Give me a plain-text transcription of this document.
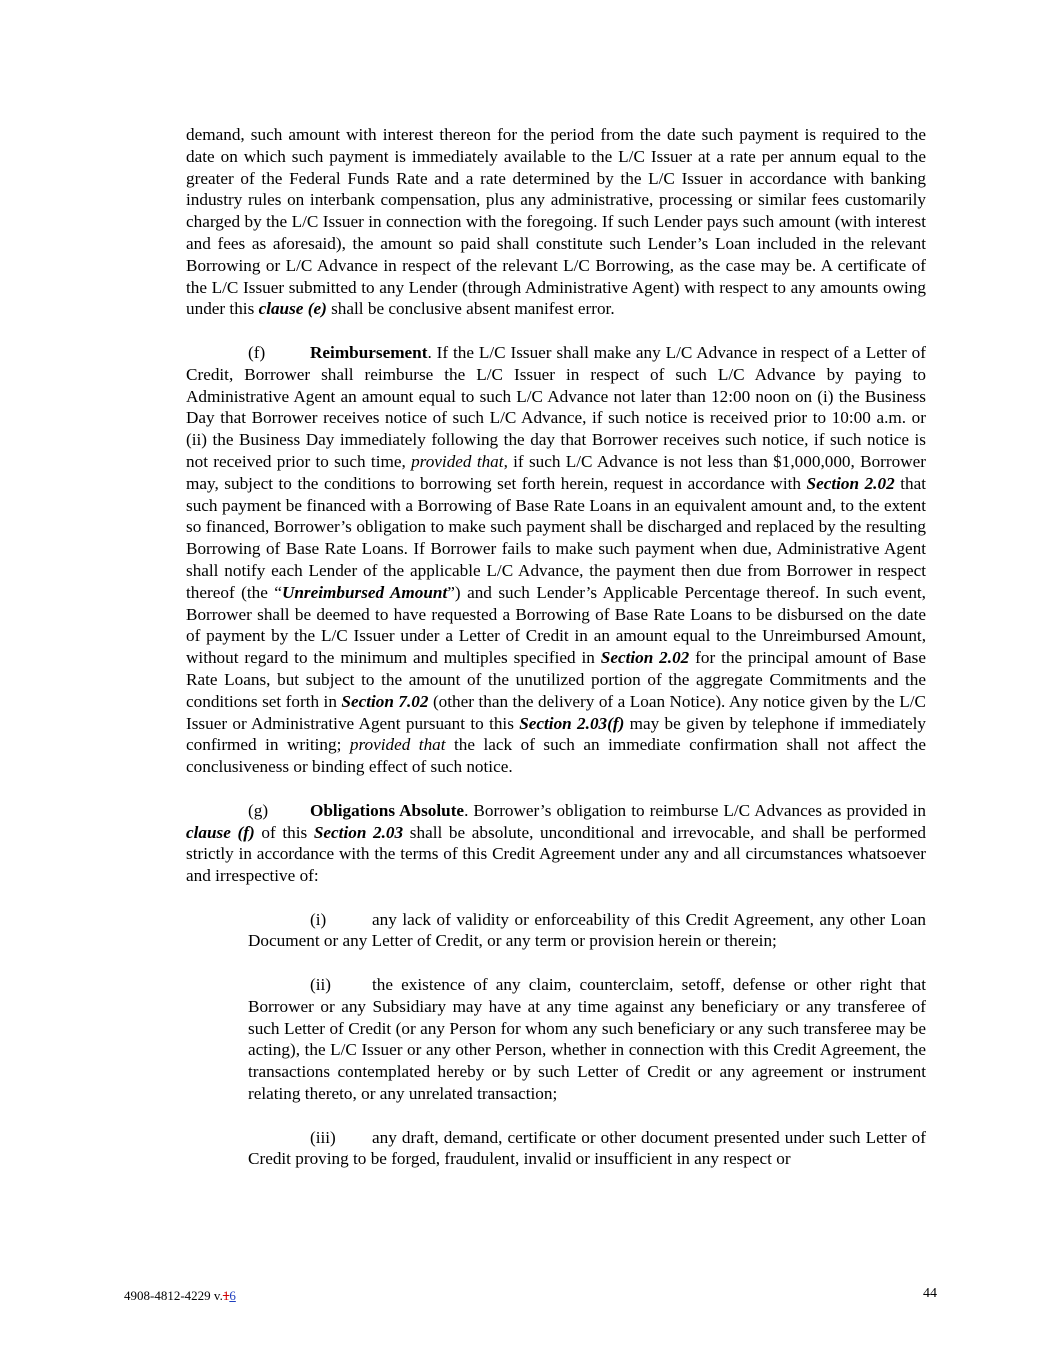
demand, such amount with interest thereon for the period from the date such payment is required to the date on which such payment is immediately available to the L/C Issuer at a rate per annum equal to the greater of the Federal Funds Rate and a rate determined by the L/C Issuer in accordance with banking industry rules on interbank compensation, plus any administrative, processing or similar fees customarily charged by the L/C Issuer in connection with the foregoing. If such Lender pays such amount (with interest and fees as aforesaid), the amount so paid shall constitute such Lender’s Loan included in the relevant Borrowing or L/C Advance in respect of the relevant L/C Borrowing, as the case may be. A certificate of the L/C Issuer submitted to any Lender (through Administrative Agent) with respect to any amounts owing under this clause (e) shall be conclusive absent manifest error.

(f)	Reimbursement. If the L/C Issuer shall make any L/C Advance in respect of a Letter of Credit, Borrower shall reimburse the L/C Issuer in respect of such L/C Advance by paying to Administrative Agent an amount equal to such L/C Advance not later than 12:00 noon on (i) the Business Day that Borrower receives notice of such L/C Advance, if such notice is received prior to 10:00 a.m. or (ii) the Business Day immediately following the day that Borrower receives such notice, if such notice is not received prior to such time, provided that, if such L/C Advance is not less than $1,000,000, Borrower may, subject to the conditions to borrowing set forth herein, request in accordance with Section 2.02 that such payment be financed with a Borrowing of Base Rate Loans in an equivalent amount and, to the extent so financed, Borrower’s obligation to make such payment shall be discharged and replaced by the resulting Borrowing of Base Rate Loans. If Borrower fails to make such payment when due, Administrative Agent shall notify each Lender of the applicable L/C Advance, the payment then due from Borrower in respect thereof (the “Unreimbursed Amount”) and such Lender’s Applicable Percentage thereof. In such event, Borrower shall be deemed to have requested a Borrowing of Base Rate Loans to be disbursed on the date of payment by the L/C Issuer under a Letter of Credit in an amount equal to the Unreimbursed Amount, without regard to the minimum and multiples specified in Section 2.02 for the principal amount of Base Rate Loans, but subject to the amount of the unutilized portion of the aggregate Commitments and the conditions set forth in Section 7.02 (other than the delivery of a Loan Notice). Any notice given by the L/C Issuer or Administrative Agent pursuant to this Section 2.03(f) may be given by telephone if immediately confirmed in writing; provided that the lack of such an immediate confirmation shall not affect the conclusiveness or binding effect of such notice.

(g) Obligations Absolute. Borrower’s obligation to reimburse L/C Advances as provided in clause (f) of this Section 2.03 shall be absolute, unconditional and irrevocable, and shall be performed strictly in accordance with the terms of this Credit Agreement under any and all circumstances whatsoever and irrespective of:

(i)	any lack of validity or enforceability of this Credit Agreement, any other Loan Document or any Letter of Credit, or any term or provision herein or therein;

(ii) the existence of any claim, counterclaim, setoff, defense or other right that Borrower or any Subsidiary may have at any time against any beneficiary or any transferee of such Letter of Credit (or any Person for whom any such beneficiary or any such transferee may be acting), the L/C Issuer or any other Person, whether in connection with this Credit Agreement, the transactions contemplated hereby or by such Letter of Credit or any agreement or instrument relating thereto, or any unrelated transaction;

(iii) any draft, demand, certificate or other document presented under such Letter of Credit proving to be forged, fraudulent, invalid or insufficient in any respect or

4908-4812-4229 v.16	44
